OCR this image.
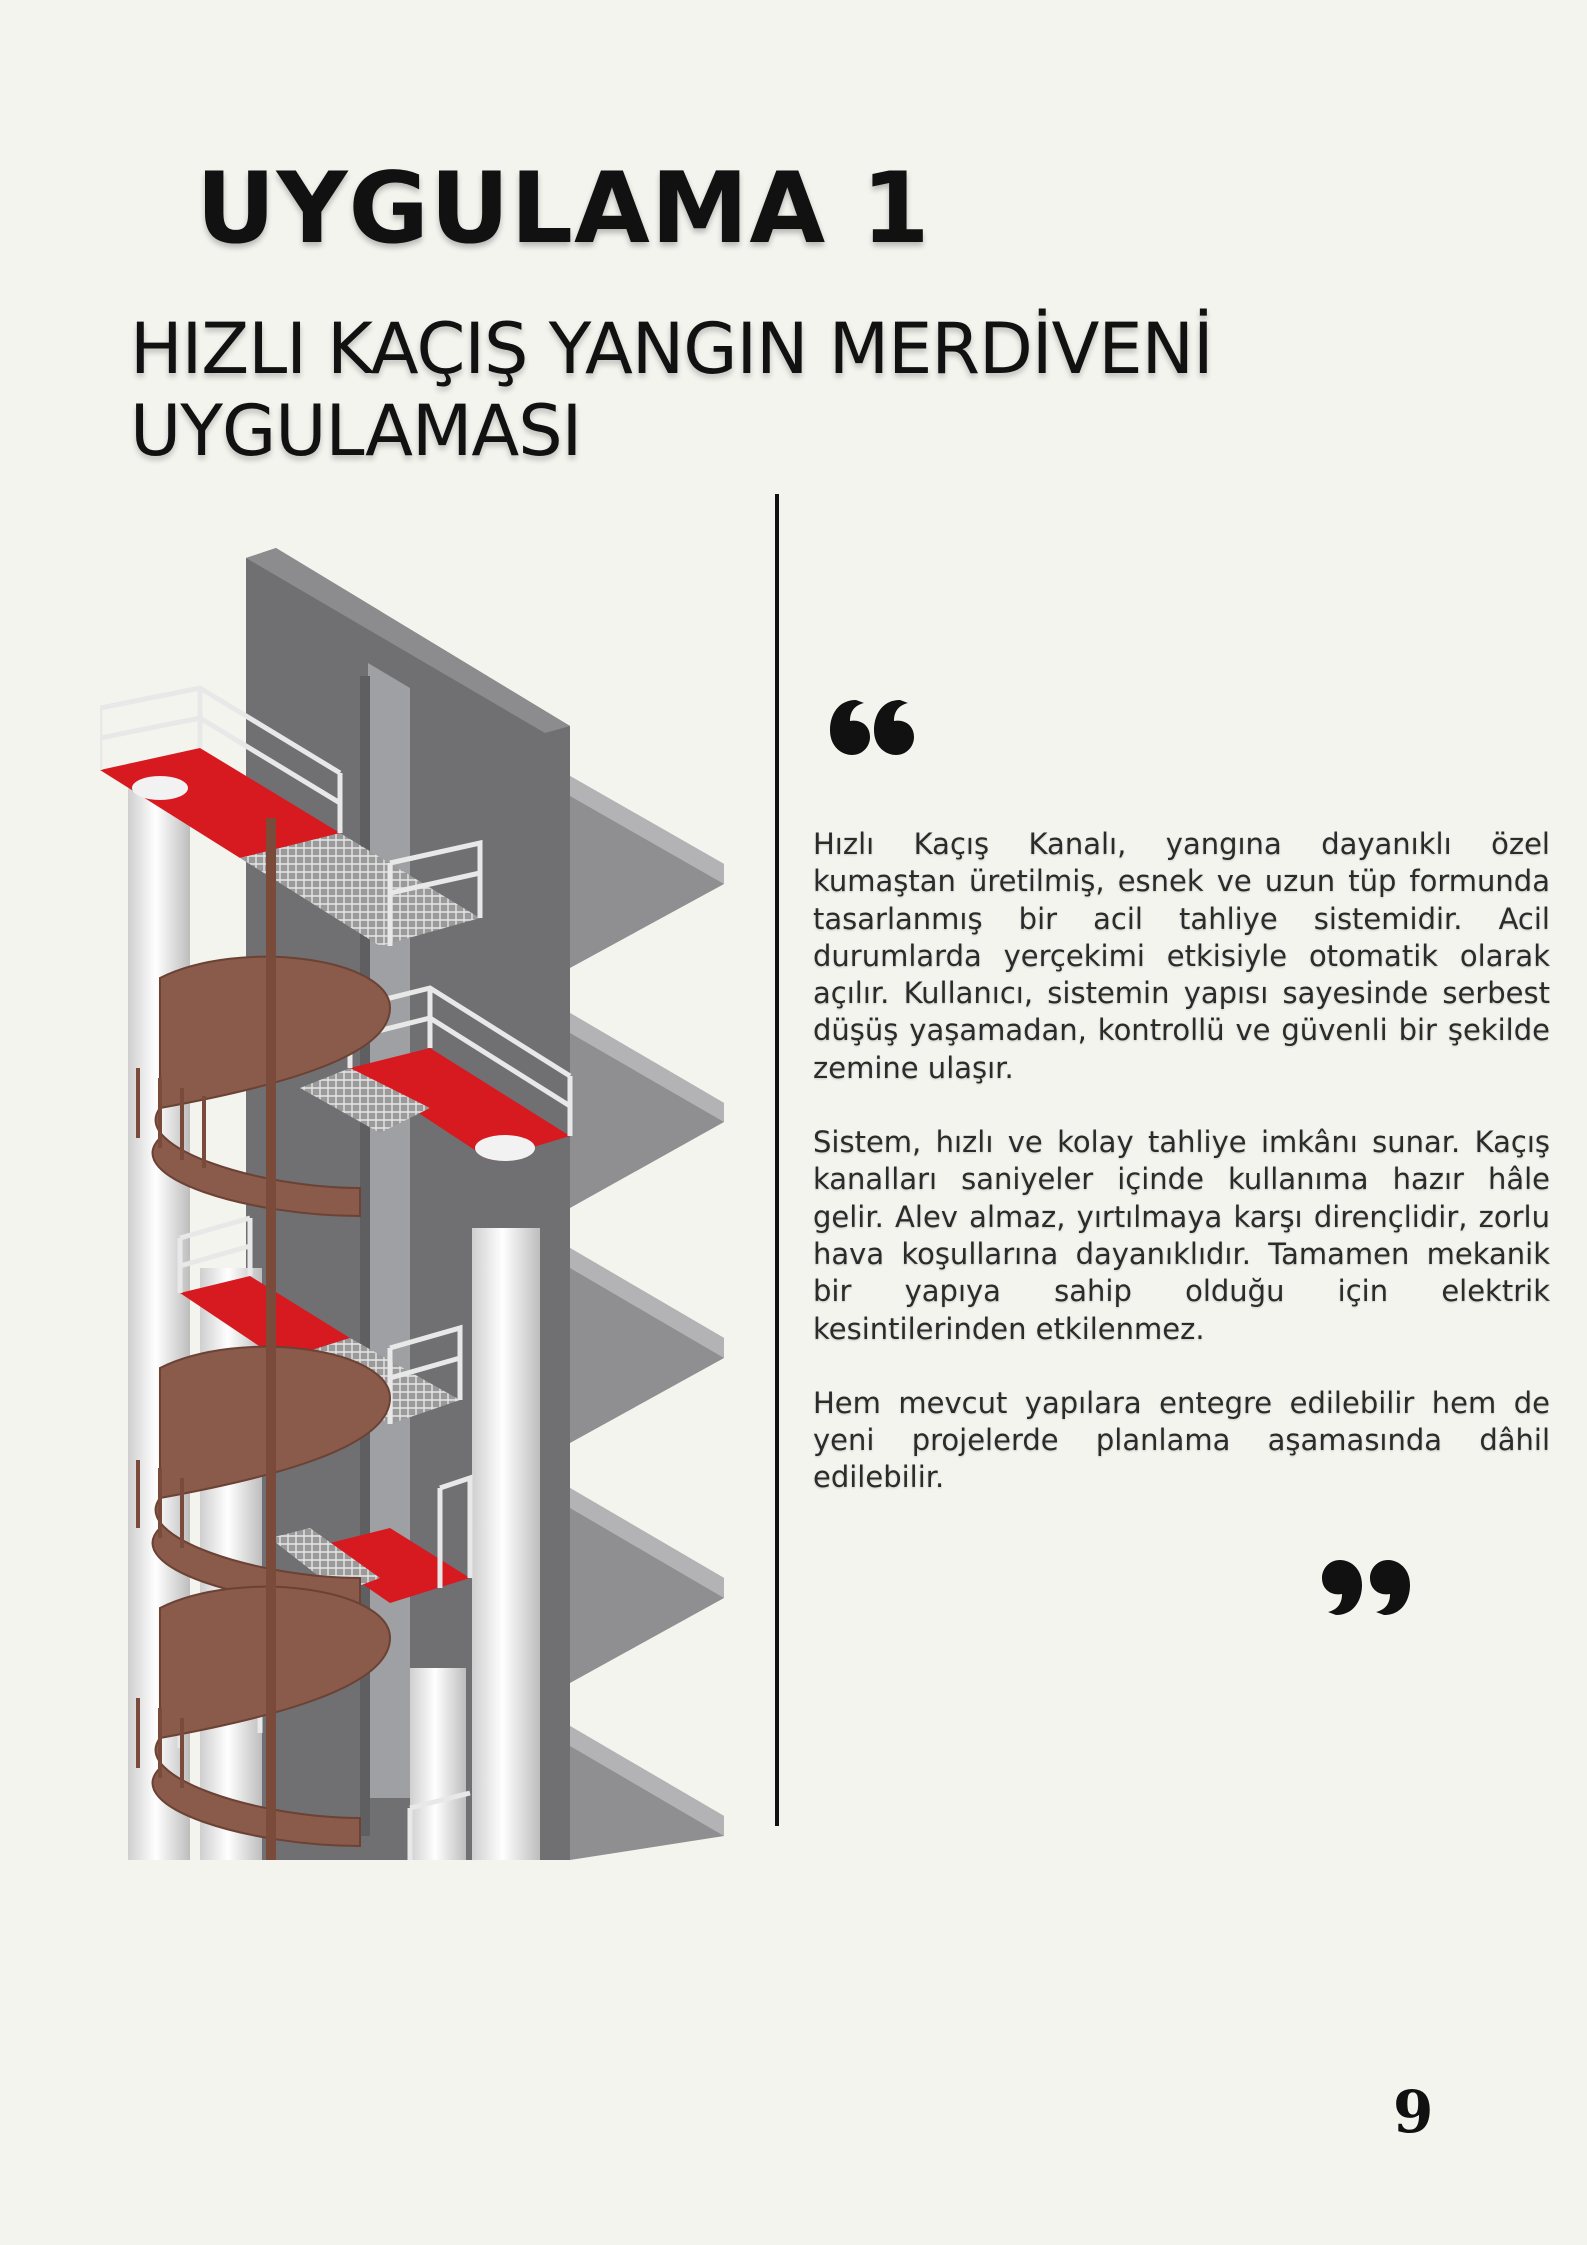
UYGULAMA 1
HIZLI KAÇIŞ YANGIN MERDİVENİ
UYGULAMASI

Hızlı Kaçış Kanalı, yangına dayanıklı özel kumaştan üretilmiş, esnek ve uzun tüp formunda tasarlanmış bir acil tahliye sistemidir. Acil durumlarda yerçekimi etkisiyle otomatik olarak açılır. Kullanıcı, sistemin yapısı sayesinde serbest düşüş yaşamadan, kontrollü ve güvenli bir şekilde zemine ulaşır.

Sistem, hızlı ve kolay tahliye imkânı sunar. Kaçış kanalları saniyeler içinde kullanıma hazır hâle gelir. Alev almaz, yırtılmaya karşı dirençlidir, zorlu hava koşullarına dayanıklıdır. Tamamen mekanik bir yapıya sahip olduğu için elektrik kesintilerinden etkilenmez.

Hem mevcut yapılara entegre edilebilir hem de yeni projelerde planlama aşamasında dâhil edilebilir.

9
